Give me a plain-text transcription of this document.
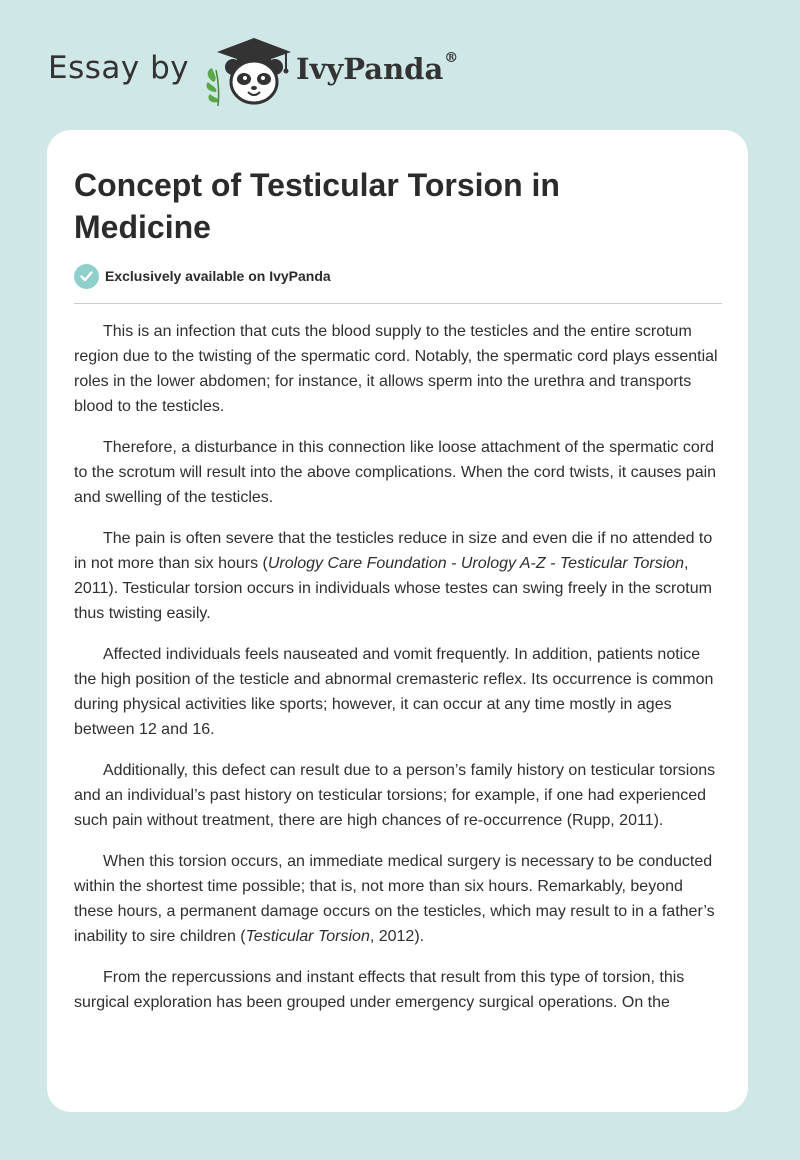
Essay by	IvyPanda®
Concept of Testicular Torsion in Medicine
Exclusively available on IvyPanda

This is an infection that cuts the blood supply to the testicles and the entire scrotum region due to the twisting of the spermatic cord. Notably, the spermatic cord plays essential roles in the lower abdomen; for instance, it allows sperm into the urethra and transports blood to the testicles.

Therefore, a disturbance in this connection like loose attachment of the spermatic cord to the scrotum will result into the above complications. When the cord twists, it causes pain and swelling of the testicles.

The pain is often severe that the testicles reduce in size and even die if no attended to in not more than six hours (Urology Care Foundation - Urology A-Z - Testicular Torsion, 2011). Testicular torsion occurs in individuals whose testes can swing freely in the scrotum thus twisting easily.

Affected individuals feels nauseated and vomit frequently. In addition, patients notice the high position of the testicle and abnormal cremasteric reflex. Its occurrence is common during physical activities like sports; however, it can occur at any time mostly in ages between 12 and 16.

Additionally, this defect can result due to a person’s family history on testicular torsions and an individual’s past history on testicular torsions; for example, if one had experienced such pain without treatment, there are high chances of re-occurrence (Rupp, 2011).

When this torsion occurs, an immediate medical surgery is necessary to be conducted within the shortest time possible; that is, not more than six hours. Remarkably, beyond these hours, a permanent damage occurs on the testicles, which may result to in a father’s inability to sire children (Testicular Torsion, 2012).

From the repercussions and instant effects that result from this type of torsion, this surgical exploration has been grouped under emergency surgical operations. On the
